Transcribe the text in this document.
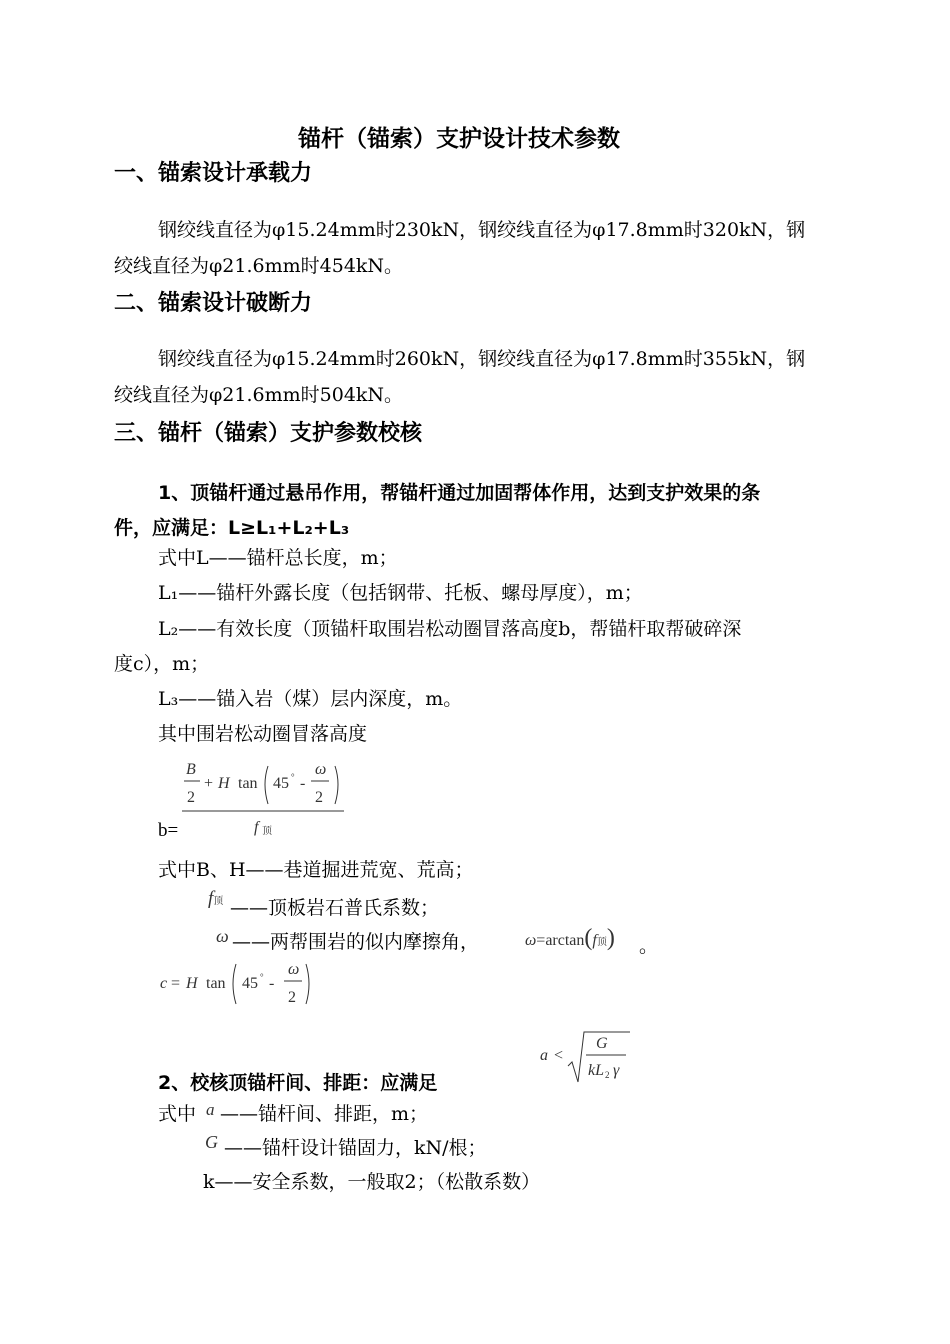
锚杆（锚索）支护设计技术参数
一、锚索设计承载力
钢绞线直径为φ15.24mm时230kN，钢绞线直径为φ17.8mm时320kN，钢
绞线直径为φ21.6mm时454kN。
二、锚索设计破断力
钢绞线直径为φ15.24mm时260kN，钢绞线直径为φ17.8mm时355kN，钢
绞线直径为φ21.6mm时504kN。
三、锚杆（锚索）支护参数校核
1、顶锚杆通过悬吊作用，帮锚杆通过加固帮体作用，达到支护效果的条
件，应满足：L≥L₁+L₂+L₃
式中L——锚杆总长度，m；
L₁——锚杆外露长度（包括钢带、托板、螺母厚度），m；
L₂——有效长度（顶锚杆取围岩松动圈冒落高度b，帮锚杆取帮破碎深
度c），m；
L₃——锚入岩（煤）层内深度，m。
其中围岩松动圈冒落高度
B
2
+ H tan 45 ° -
ω
2
f 顶
b=
式中B、H——巷道掘进荒宽、荒高；
f顶 ——顶板岩石普氏系数；
ω ——两帮围岩的似内摩擦角，	ω=arctan(f顶) 。
c = H tan 45 ° -
ω
2
a <
G
kL 2 γ
2、校核顶锚杆间、排距：应满足
式中 a ——锚杆间、排距，m；
G ——锚杆设计锚固力，kN/根；
k——安全系数，一般取2；（松散系数）
